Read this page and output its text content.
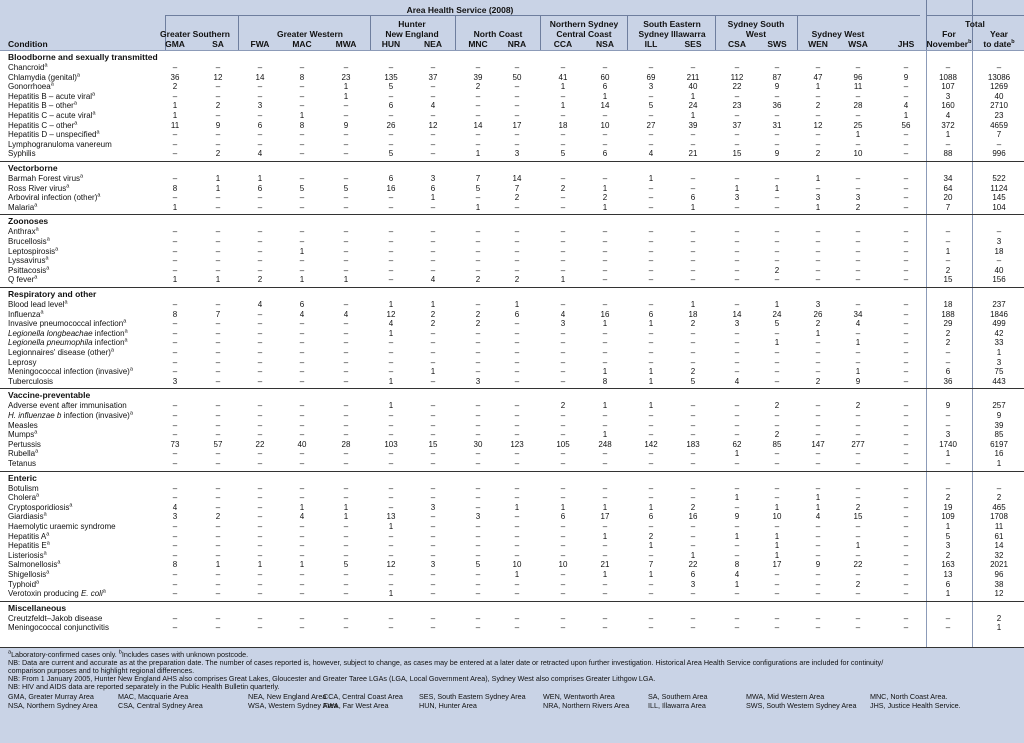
Area Health Service (2008)
Total
Condition
Greater Southern	Greater Western
Hunter
New England	North Coast
Northern Sydney
Central Coast
South Eastern
Sydney Illawarra
Sydney South
West	Sydney West
GMA	SA	FWA	MAC	MWA	HUN	NEA	MNC	NRA	CCA	NSA	ILL	SES	CSA	SWS	WEN	WSA	JHS
For
November$^b$
Year
to date$^b$
Bloodborne and sexually transmitted
Chancroid$^a$	–	–	–	–	–	–	–	–	–	–	–	–	–	–	–	–	–	–	–	–
Chlamydia (genital)$^a$	36	12	14	8	23	135	37	39	50	41	60	69	211	112	87	47	96	9	1088	13086
Gonorrhoea$^a$	2	–	–	–	1	5	–	2	–	1	6	3	40	22	9	1	11	–	107	1269
Hepatitis B – acute viral$^a$	–	–	–	–	1	–	–	–	–	–	1	–	1	–	–	–	–	–	3	40
Hepatitis B – other$^a$	1	2	3	–	–	6	4	–	–	1	14	5	24	23	36	2	28	4	160	2710
Hepatitis C – acute viral$^a$	1	–	–	1	–	–	–	–	–	–	–	–	1	–	–	–	–	1	4	23
Hepatitis C – other$^a$	11	9	6	8	9	26	12	14	17	18	10	27	39	37	31	12	25	56	372	4659
Hepatitis D – unspecified$^a$	–	–	–	–	–	–	–	–	–	–	–	–	–	–	–	–	1	–	1	7
Lymphogranuloma vanereum	–	–	–	–	–	–	–	–	–	–	–	–	–	–	–	–	–	–	–	–
Syphilis	–	2	4	–	–	5	–	1	3	5	6	4	21	15	9	2	10	–	88	996
Vectorborne
Barmah Forest virus$^a$	–	1	1	–	–	6	3	7	14	–	–	1	–	–	–	1	–	–	34	522
Ross River virus$^a$	8	1	6	5	5	16	6	5	7	2	1	–	–	1	1	–	–	–	64	1124
Arboviral infection (other)$^a$	–	–	–	–	–	–	1	–	2	–	2	–	6	3	–	3	3	–	20	145
Malaria$^a$	1	–	–	–	–	–	–	1	–	–	1	–	1	–	–	1	2	–	7	104
Zoonoses
Anthrax$^a$	–	–	–	–	–	–	–	–	–	–	–	–	–	–	–	–	–	–	–	–
Brucellosis$^a$	–	–	–	–	–	–	–	–	–	–	–	–	–	–	–	–	–	–	–	3
Leptospirosis$^a$	–	–	–	1	–	–	–	–	–	–	–	–	–	–	–	–	–	–	1	18
Lyssavirus$^a$	–	–	–	–	–	–	–	–	–	–	–	–	–	–	–	–	–	–	–	–
Psittacosis$^a$	–	–	–	–	–	–	–	–	–	–	–	–	–	–	2	–	–	–	2	40
Q fever$^a$	1	1	2	1	1	–	4	2	2	1	–	–	–	–	–	–	–	–	15	156
Respiratory and other
Blood lead level$^a$	–	–	4	6	–	1	1	–	1	–	–	–	1	–	1	3	–	–	18	237
Influenza$^a$	8	7	–	4	4	12	2	2	6	4	16	6	18	14	24	26	34	–	188	1846
Invasive pneumococcal infection$^a$	–	–	–	–	–	4	2	2	–	3	1	1	2	3	5	2	4	–	29	499
Legionella longbeachae infection$^a$	–	–	–	–	–	1	–	–	–	–	–	–	–	–	–	1	–	–	2	42
Legionella pneumophila infection$^a$	–	–	–	–	–	–	–	–	–	–	–	–	–	–	1	–	1	–	2	33
Legionnaires' disease (other)$^a$	–	–	–	–	–	–	–	–	–	–	–	–	–	–	–	–	–	–	–	1
Leprosy	–	–	–	–	–	–	–	–	–	–	–	–	–	–	–	–	–	–	–	3
Meningococcal infection (invasive)$^a$	–	–	–	–	–	–	1	–	–	–	1	1	2	–	–	–	1	–	6	75
Tuberculosis	3	–	–	–	–	1	–	3	–	–	8	1	5	4	–	2	9	–	36	443
Vaccine-preventable
Adverse event after immunisation	–	–	–	–	–	1	–	–	–	2	1	1	–	–	2	–	2	–	9	257
H. influenzae b infection (invasive)$^a$	–	–	–	–	–	–	–	–	–	–	–	–	–	–	–	–	–	–	–	9
Measles	–	–	–	–	–	–	–	–	–	–	–	–	–	–	–	–	–	–	–	39
Mumps$^a$	–	–	–	–	–	–	–	–	–	–	1	–	–	–	2	–	–	–	3	85
Pertussis	73	57	22	40	28	103	15	30	123	105	248	142	183	62	85	147	277	–	1740	6197
Rubella$^a$	–	–	–	–	–	–	–	–	–	–	–	–	–	1	–	–	–	–	1	16
Tetanus	–	–	–	–	–	–	–	–	–	–	–	–	–	–	–	–	–	–	–	1
Enteric
Botulism	–	–	–	–	–	–	–	–	–	–	–	–	–	–	–	–	–	–	–	–
Cholera$^a$	–	–	–	–	–	–	–	–	–	–	–	–	–	1	–	1	–	–	2	2
Cryptosporidiosis$^a$	4	–	–	1	1	–	3	–	1	1	1	1	2	–	1	1	2	–	19	465
Giardiasis$^a$	3	2	–	4	1	13	–	3	–	6	17	6	16	9	10	4	15	–	109	1708
Haemolytic uraemic syndrome	–	–	–	–	–	1	–	–	–	–	–	–	–	–	–	–	–	–	1	11
Hepatitis $A^a$	–	–	–	–	–	–	–	–	–	–	1	2	–	1	1	–	–	–	5	61
Hepatitis $E^a$	–	–	–	–	–	–	–	–	–	–	–	1	–	–	1	–	1	–	3	14
Listeriosis$^a$	–	–	–	–	–	–	–	–	–	–	–	–	1	–	1	–	–	–	2	32
Salmonellosis$^a$	8	1	1	1	5	12	3	5	10	10	21	7	22	8	17	9	22	–	163	2021
Shigellosis$^a$	–	–	–	–	–	–	–	–	1	–	1	1	6	4	–	–	–	–	13	96
Typhoid$^a$	–	–	–	–	–	–	–	–	–	–	–	–	3	1	–	–	2	–	6	38
Verotoxin producing E. coli$^a$	–	–	–	–	–	1	–	–	–	–	–	–	–	–	–	–	–	–	1	12
Miscellaneous
Creutzfeldt–Jakob disease	–	–	–	–	–	–	–	–	–	–	–	–	–	–	–	–	–	–	–	2
Meningococcal conjunctivitis	–	–	–	–	–	–	–	–	–	–	–	–	–	–	–	–	–	–	–	1
$^a$Laboratory-confirmed cases only. $^b$Includes cases with unknown postcode.
NB: Data are current and accurate as at the preparation date. The number of cases reported is, however, subject to change, as cases may be entered at a later date or retracted upon further investigation. Historical Area Health Service configurations are included for continuity/
comparison purposes and to highlight regional differences.
NB: From 1 January 2005, Hunter New England AHS also comprises Great Lakes, Gloucester and Greater Taree LGAs (LGA, Local Government Area), Sydney West also comprises Greater Lithgow LGA.
NB: HIV and AIDS data are reported separately in the Public Health Bulletin quarterly.
GMA, Greater Murray Area	MAC, Macquarie Area	NEA, New England Area	WEN, Wentworth Area	SA, Southern Area	MWA, Mid Western Area	MNC, North Coast Area.
CCA, Central Coast Area SES, South Eastern Sydney Area
NSA, Northern Sydney Area	CSA, Central Sydney Area	WSA, Western Sydney Area
FWA, Far West Area	HUN, Hunter Area	NRA, Northern Rivers Area	ILL, Illawarra Area	SWS, South Western Sydney Area JHS, Justice Health Service.
